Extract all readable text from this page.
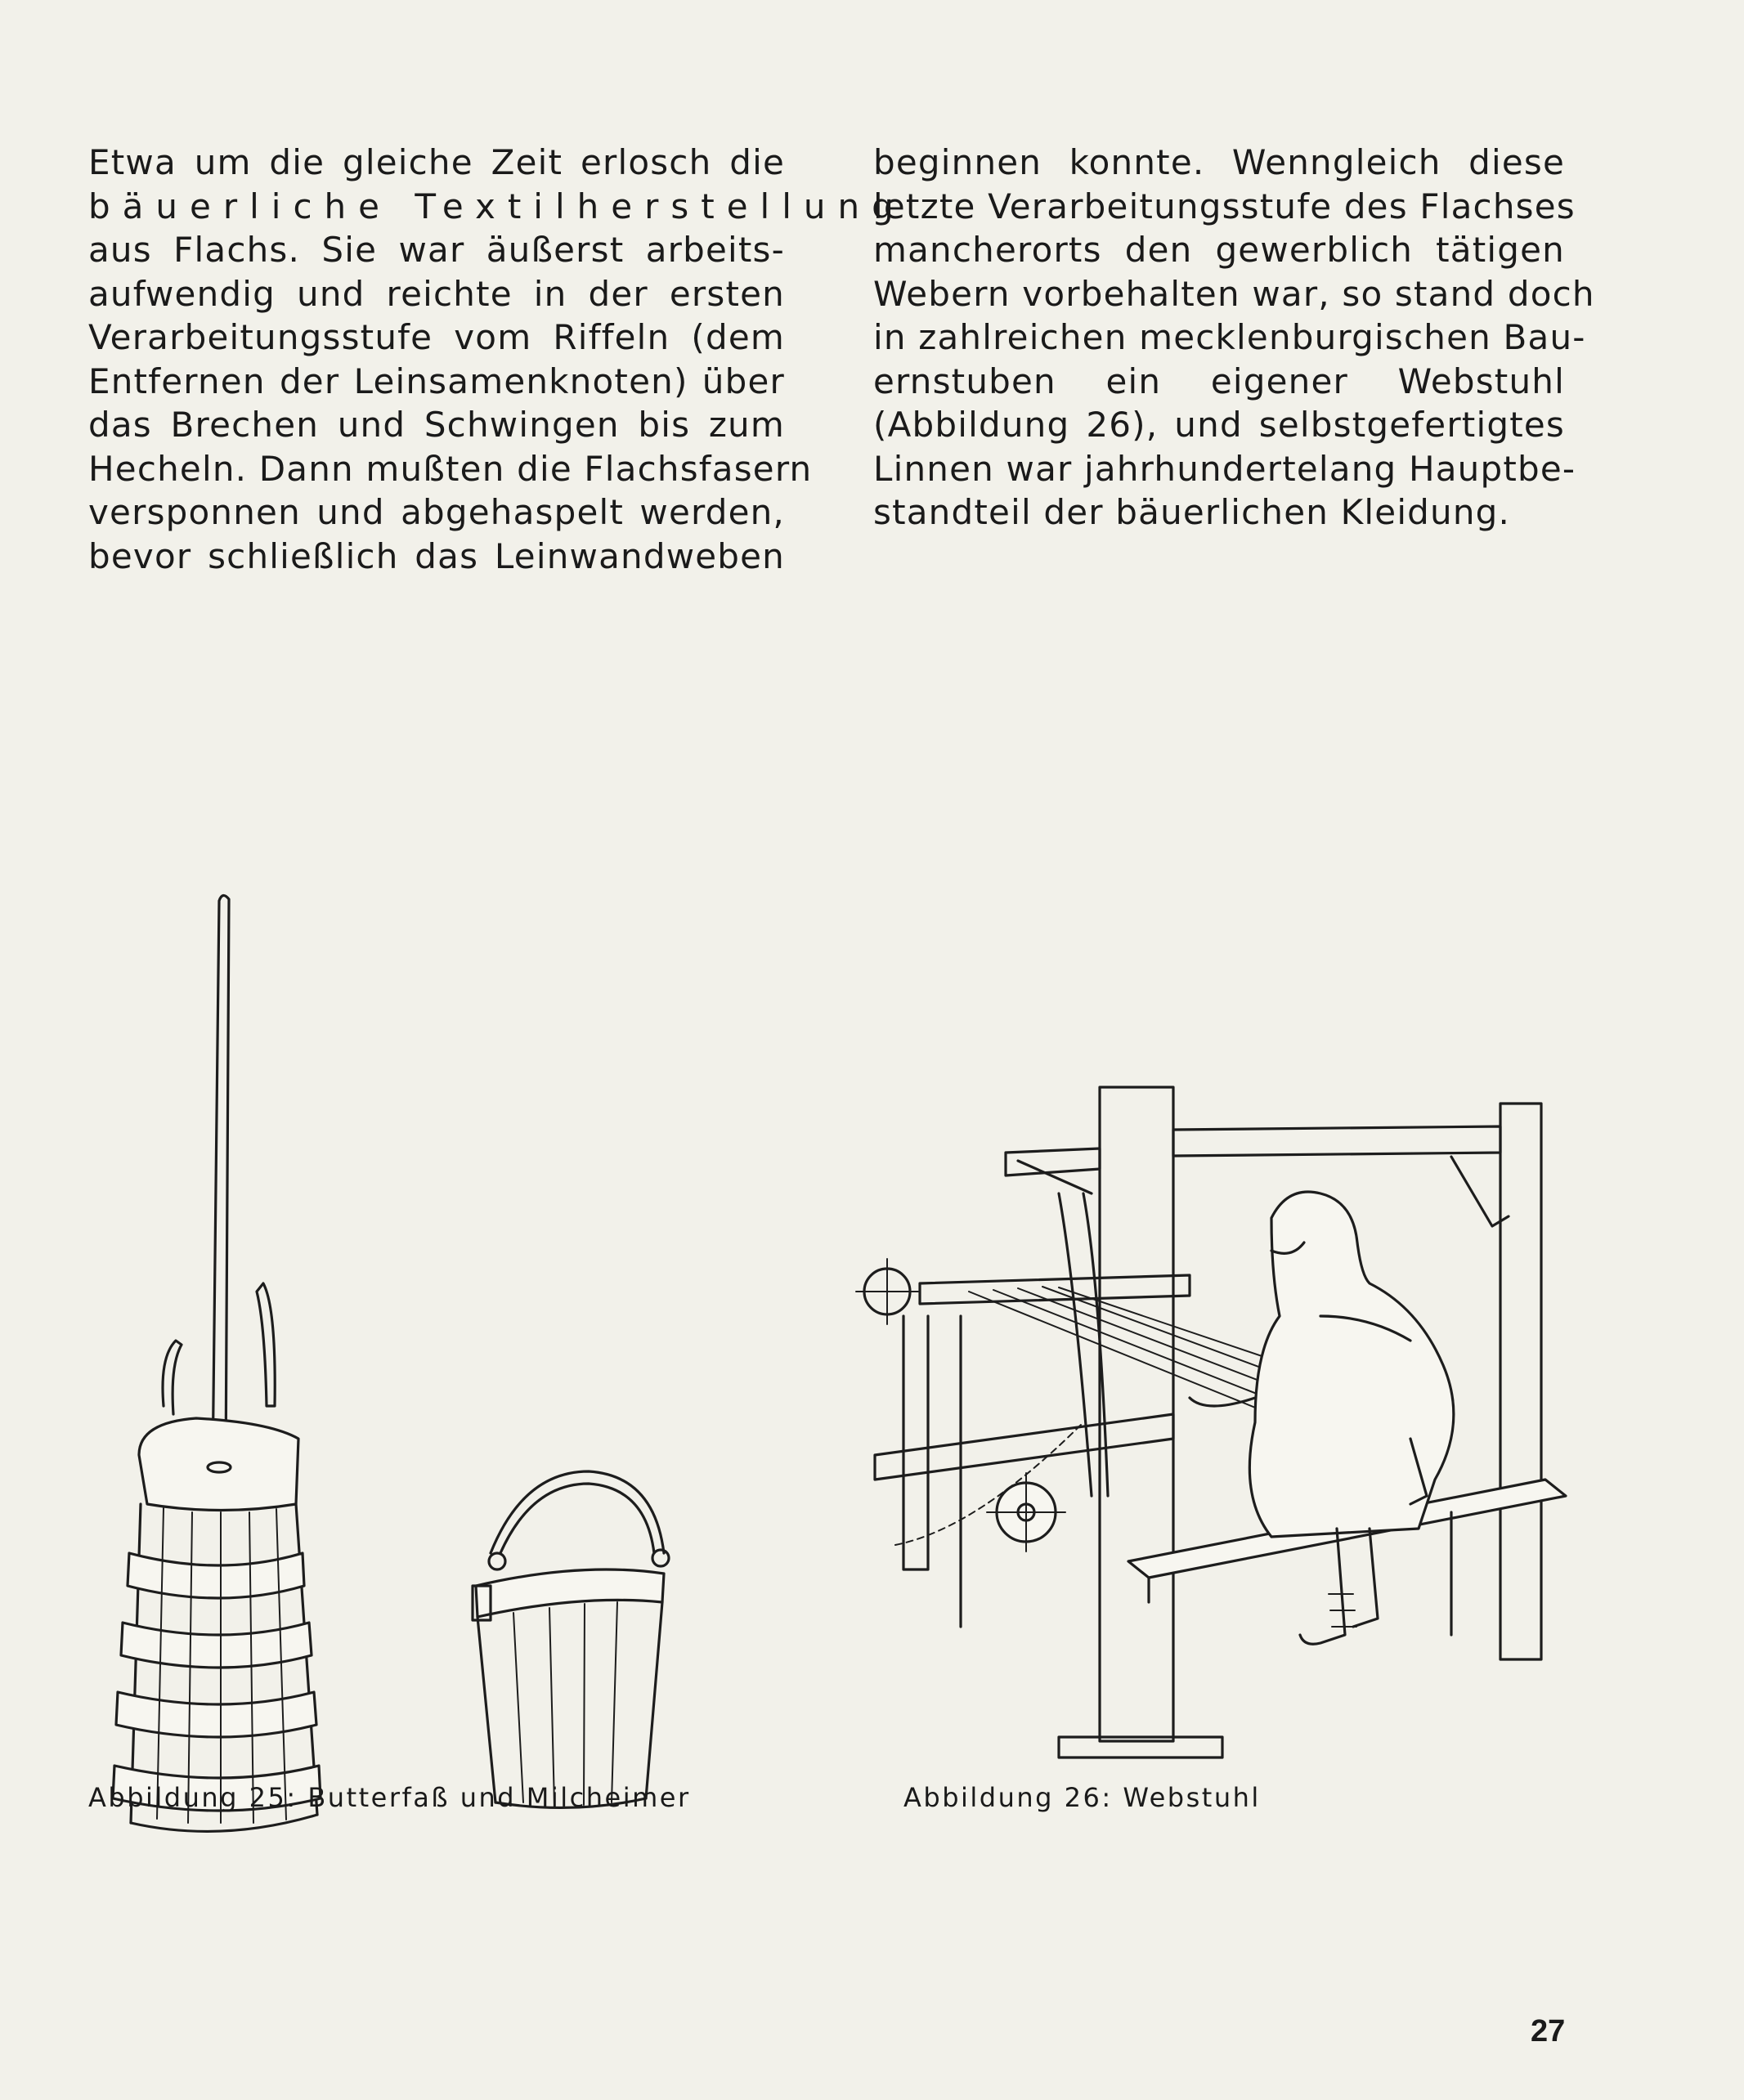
Etwa um die gleiche Zeit erlosch die
bäuerliche Textilherstellung
aus Flachs. Sie war äußerst arbeits-
aufwendig und reichte in der ersten
Verarbeitungsstufe vom Riffeln (dem
Entfernen der Leinsamenknoten) über
das Brechen und Schwingen bis zum
Hecheln. Dann mußten die Flachsfasern
versponnen und abgehaspelt werden,
bevor schließlich das Leinwandweben
beginnen konnte. Wenngleich diese
letzte Verarbeitungsstufe des Flachses
mancherorts den gewerblich tätigen
Webern vorbehalten war, so stand doch
in zahlreichen mecklenburgischen Bau-
ernstuben ein eigener Webstuhl
(Abbildung 26), und selbstgefertigtes
Linnen war jahrhundertelang Hauptbe-
standteil der bäuerlichen Kleidung.
Abbildung 25: Butterfaß und Milcheimer	Abbildung 26: Webstuhl
27
